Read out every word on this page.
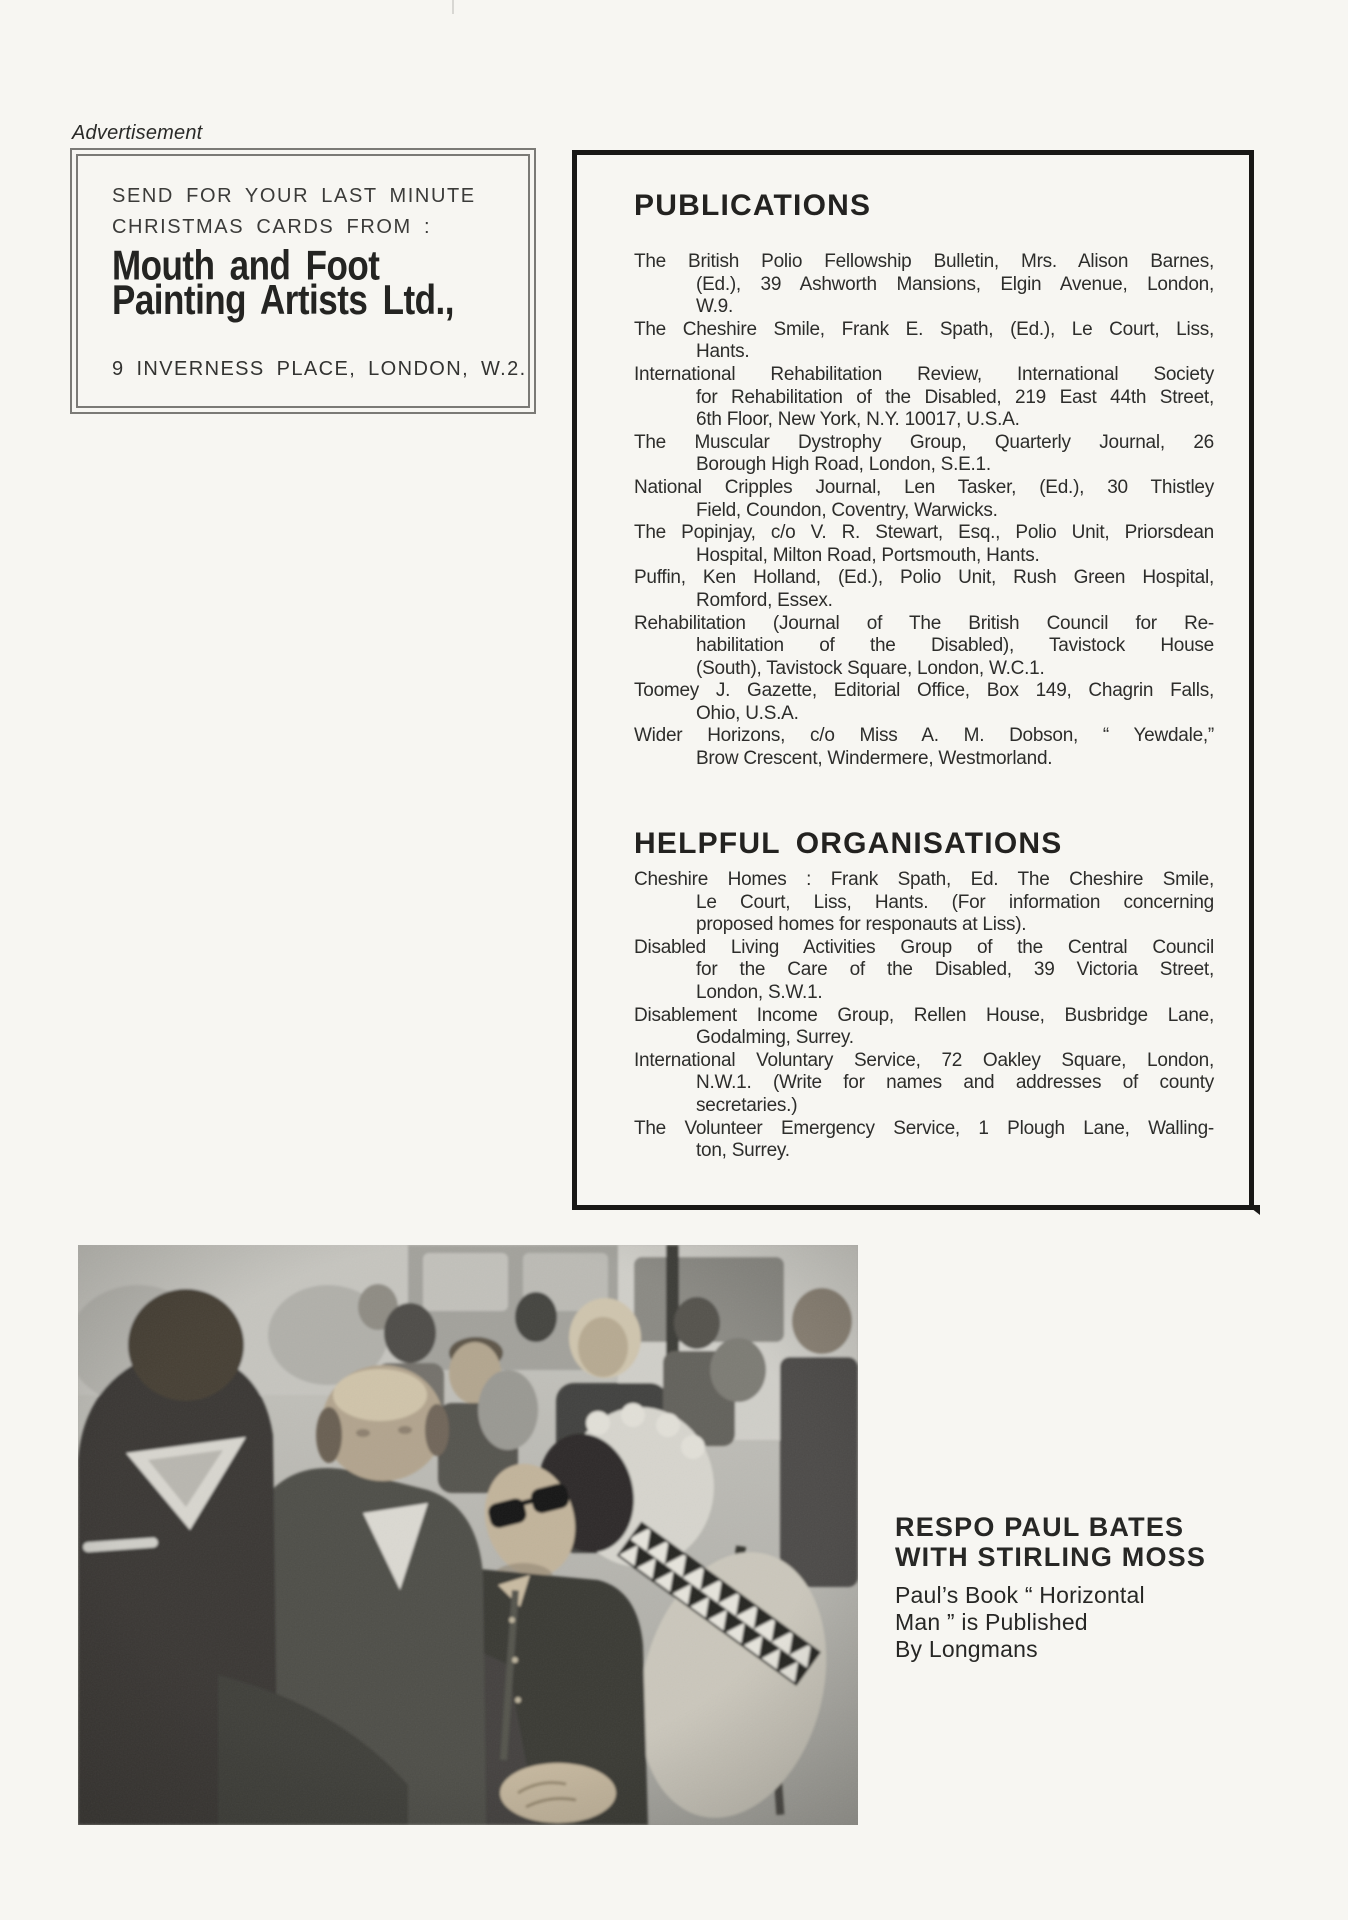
Advertisement
SEND FOR YOUR LAST MINUTE
CHRISTMAS CARDS FROM :
Mouth and Foot
Painting Artists Ltd.,
9 INVERNESS PLACE, LONDON, W.2.
PUBLICATIONS
The British Polio Fellowship Bulletin, Mrs. Alison Barnes,
(Ed.), 39 Ashworth Mansions, Elgin Avenue, London,
W.9.
The Cheshire Smile, Frank E. Spath, (Ed.), Le Court, Liss,
Hants.
International Rehabilitation Review, International Society
for Rehabilitation of the Disabled, 219 East 44th Street,
6th Floor, New York, N.Y. 10017, U.S.A.
The Muscular Dystrophy Group, Quarterly Journal, 26
Borough High Road, London, S.E.1.
National Cripples Journal, Len Tasker, (Ed.), 30 Thistley
Field, Coundon, Coventry, Warwicks.
The Popinjay, c/o V. R. Stewart, Esq., Polio Unit, Priorsdean
Hospital, Milton Road, Portsmouth, Hants.
Puffin, Ken Holland, (Ed.), Polio Unit, Rush Green Hospital,
Romford, Essex.
Rehabilitation (Journal of The British Council for Re-
habilitation of the Disabled), Tavistock House
(South), Tavistock Square, London, W.C.1.
Toomey J. Gazette, Editorial Office, Box 149, Chagrin Falls,
Ohio, U.S.A.
Wider Horizons, c/o Miss A. M. Dobson, “ Yewdale,”
Brow Crescent, Windermere, Westmorland.
HELPFUL ORGANISATIONS
Cheshire Homes : Frank Spath, Ed. The Cheshire Smile,
Le Court, Liss, Hants. (For information concerning
proposed homes for responauts at Liss).
Disabled Living Activities Group of the Central Council
for the Care of the Disabled, 39 Victoria Street,
London, S.W.1.
Disablement Income Group, Rellen House, Busbridge Lane,
Godalming, Surrey.
International Voluntary Service, 72 Oakley Square, London,
N.W.1. (Write for names and addresses of county
secretaries.)
The Volunteer Emergency Service, 1 Plough Lane, Walling-
ton, Surrey.
RESPO PAUL BATES
WITH STIRLING MOSS
Paul’s Book “ Horizontal
Man ” is Published
By Longmans
